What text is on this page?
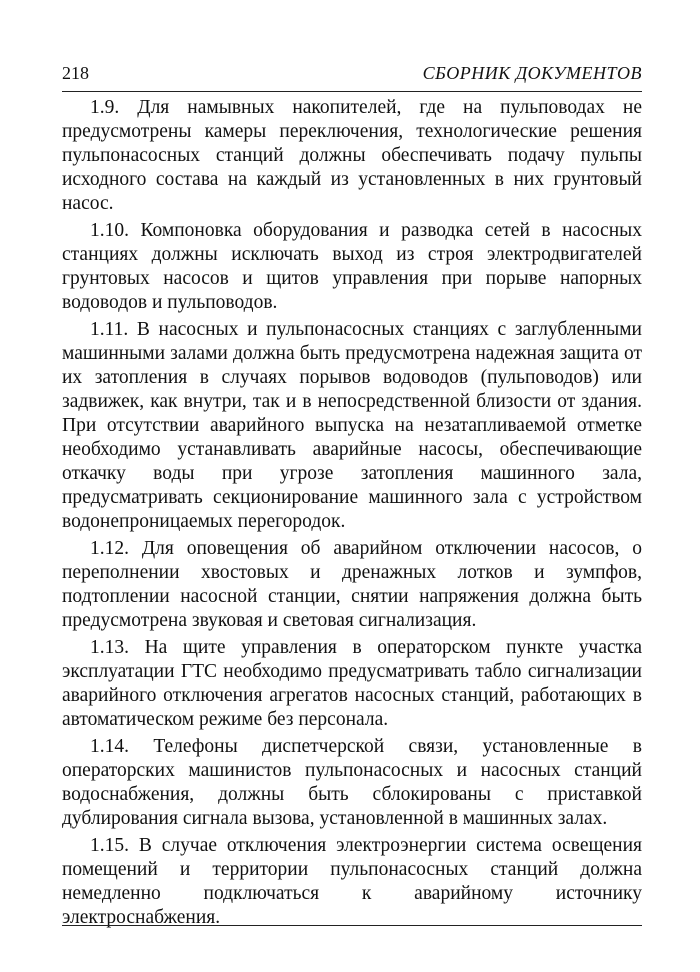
218	СБОРНИК ДОКУМЕНТОВ

1.9. Для намывных накопителей, где на пульповодах не предусмотрены камеры переключения, технологические решения пульпонасосных станций должны обеспечивать подачу пульпы исходного состава на каждый из установленных в них грунтовый насос.

1.10. Компоновка оборудования и разводка сетей в насосных станциях должны исключать выход из строя электродвигателей грунтовых насосов и щитов управления при порыве напорных водоводов и пульповодов.

1.11. В насосных и пульпонасосных станциях с заглубленными машинными залами должна быть предусмотрена надежная защита от их затопления в случаях порывов водоводов (пульповодов) или задвижек, как внутри, так и в непосредственной близости от здания. При отсутствии аварийного выпуска на незатапливаемой отметке необходимо устанавливать аварийные насосы, обеспечивающие откачку воды при угрозе затопления машинного зала, предусматривать секционирование машинного зала с устройством водонепроницаемых перегородок.

1.12. Для оповещения об аварийном отключении насосов, о переполнении хвостовых и дренажных лотков и зумпфов, подтоплении насосной станции, снятии напряжения должна быть предусмотрена звуковая и световая сигнализация.

1.13. На щите управления в операторском пункте участка эксплуатации ГТС необходимо предусматривать табло сигнализации аварийного отключения агрегатов насосных станций, работающих в автоматическом режиме без персонала.

1.14. Телефоны диспетчерской связи, установленные в операторских машинистов пульпонасосных и насосных станций водоснабжения, должны быть сблокированы с приставкой дублирования сигнала вызова, установленной в машинных залах.

1.15. В случае отключения электроэнергии система освещения помещений и территории пульпонасосных станций должна немедленно подключаться к аварийному источнику электроснабжения.
